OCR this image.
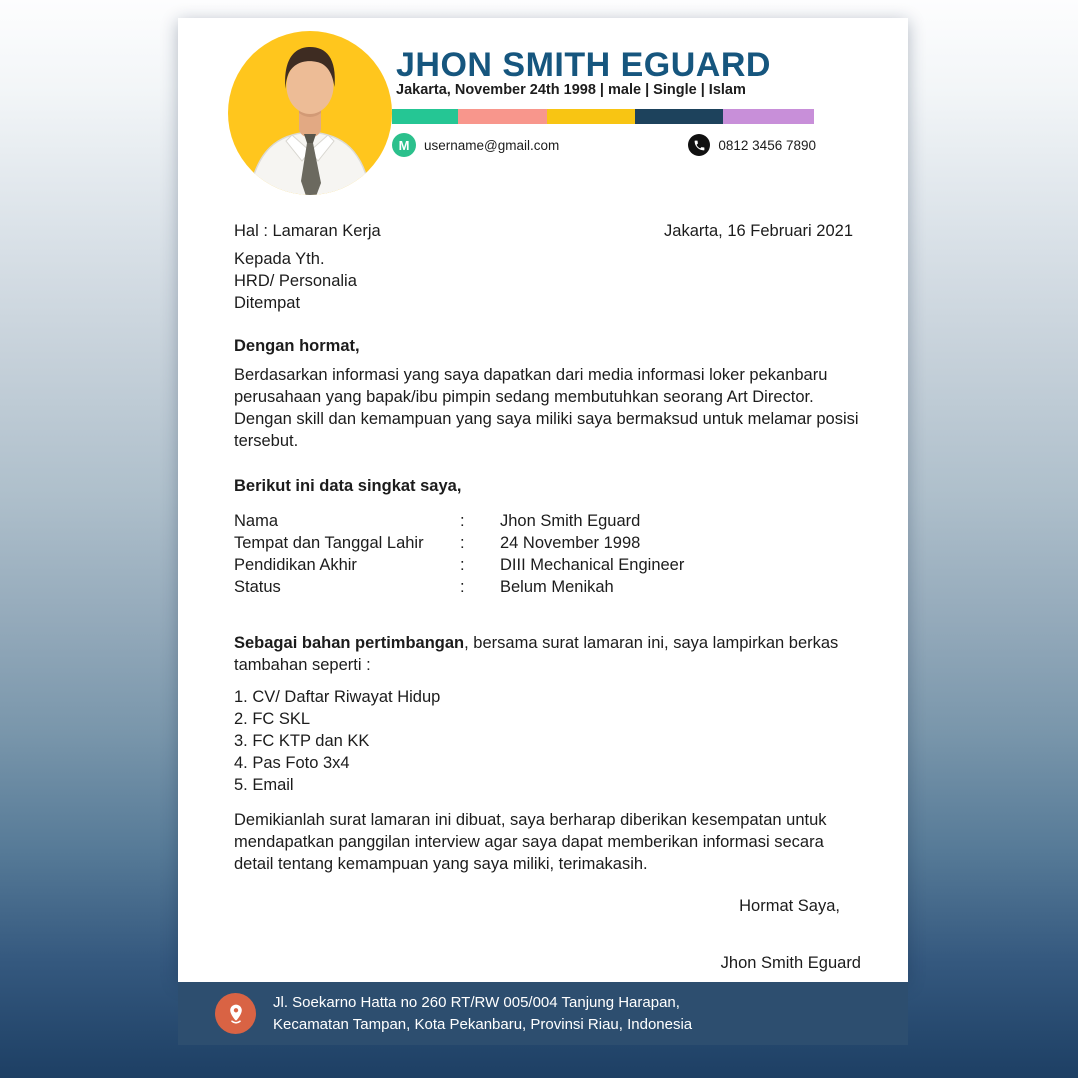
JHON SMITH EGUARD
Jakarta, November 24th 1998 | male | Single | Islam
M	username@gmail.com	0812 3456 7890
Hal : Lamaran Kerja	Jakarta, 16 Februari 2021
Kepada Yth.
HRD/ Personalia
Ditempat
Dengan hormat,
Berdasarkan informasi yang saya dapatkan dari media informasi loker pekanbaru perusahaan yang bapak/ibu pimpin sedang membutuhkan seorang Art Director. Dengan skill dan kemampuan yang saya miliki saya bermaksud untuk melamar posisi tersebut.
Berikut ini data singkat saya,
Nama	:	Jhon Smith Eguard
Tempat dan Tanggal Lahir	:	24 November 1998
Pendidikan Akhir	:	DIII Mechanical Engineer
Status	:	Belum Menikah
Sebagai bahan pertimbangan, bersama surat lamaran ini, saya lampirkan berkas tambahan seperti :
1. CV/ Daftar Riwayat Hidup
2. FC SKL
3. FC KTP dan KK
4. Pas Foto 3x4
5. Email
Demikianlah surat lamaran ini dibuat, saya berharap diberikan kesempatan untuk mendapatkan panggilan interview agar saya dapat memberikan informasi secara detail tentang kemampuan yang saya miliki, terimakasih.
Hormat Saya,
Jhon Smith Eguard
Jl. Soekarno Hatta no 260 RT/RW 005/004 Tanjung Harapan,
Kecamatan Tampan, Kota Pekanbaru, Provinsi Riau, Indonesia
